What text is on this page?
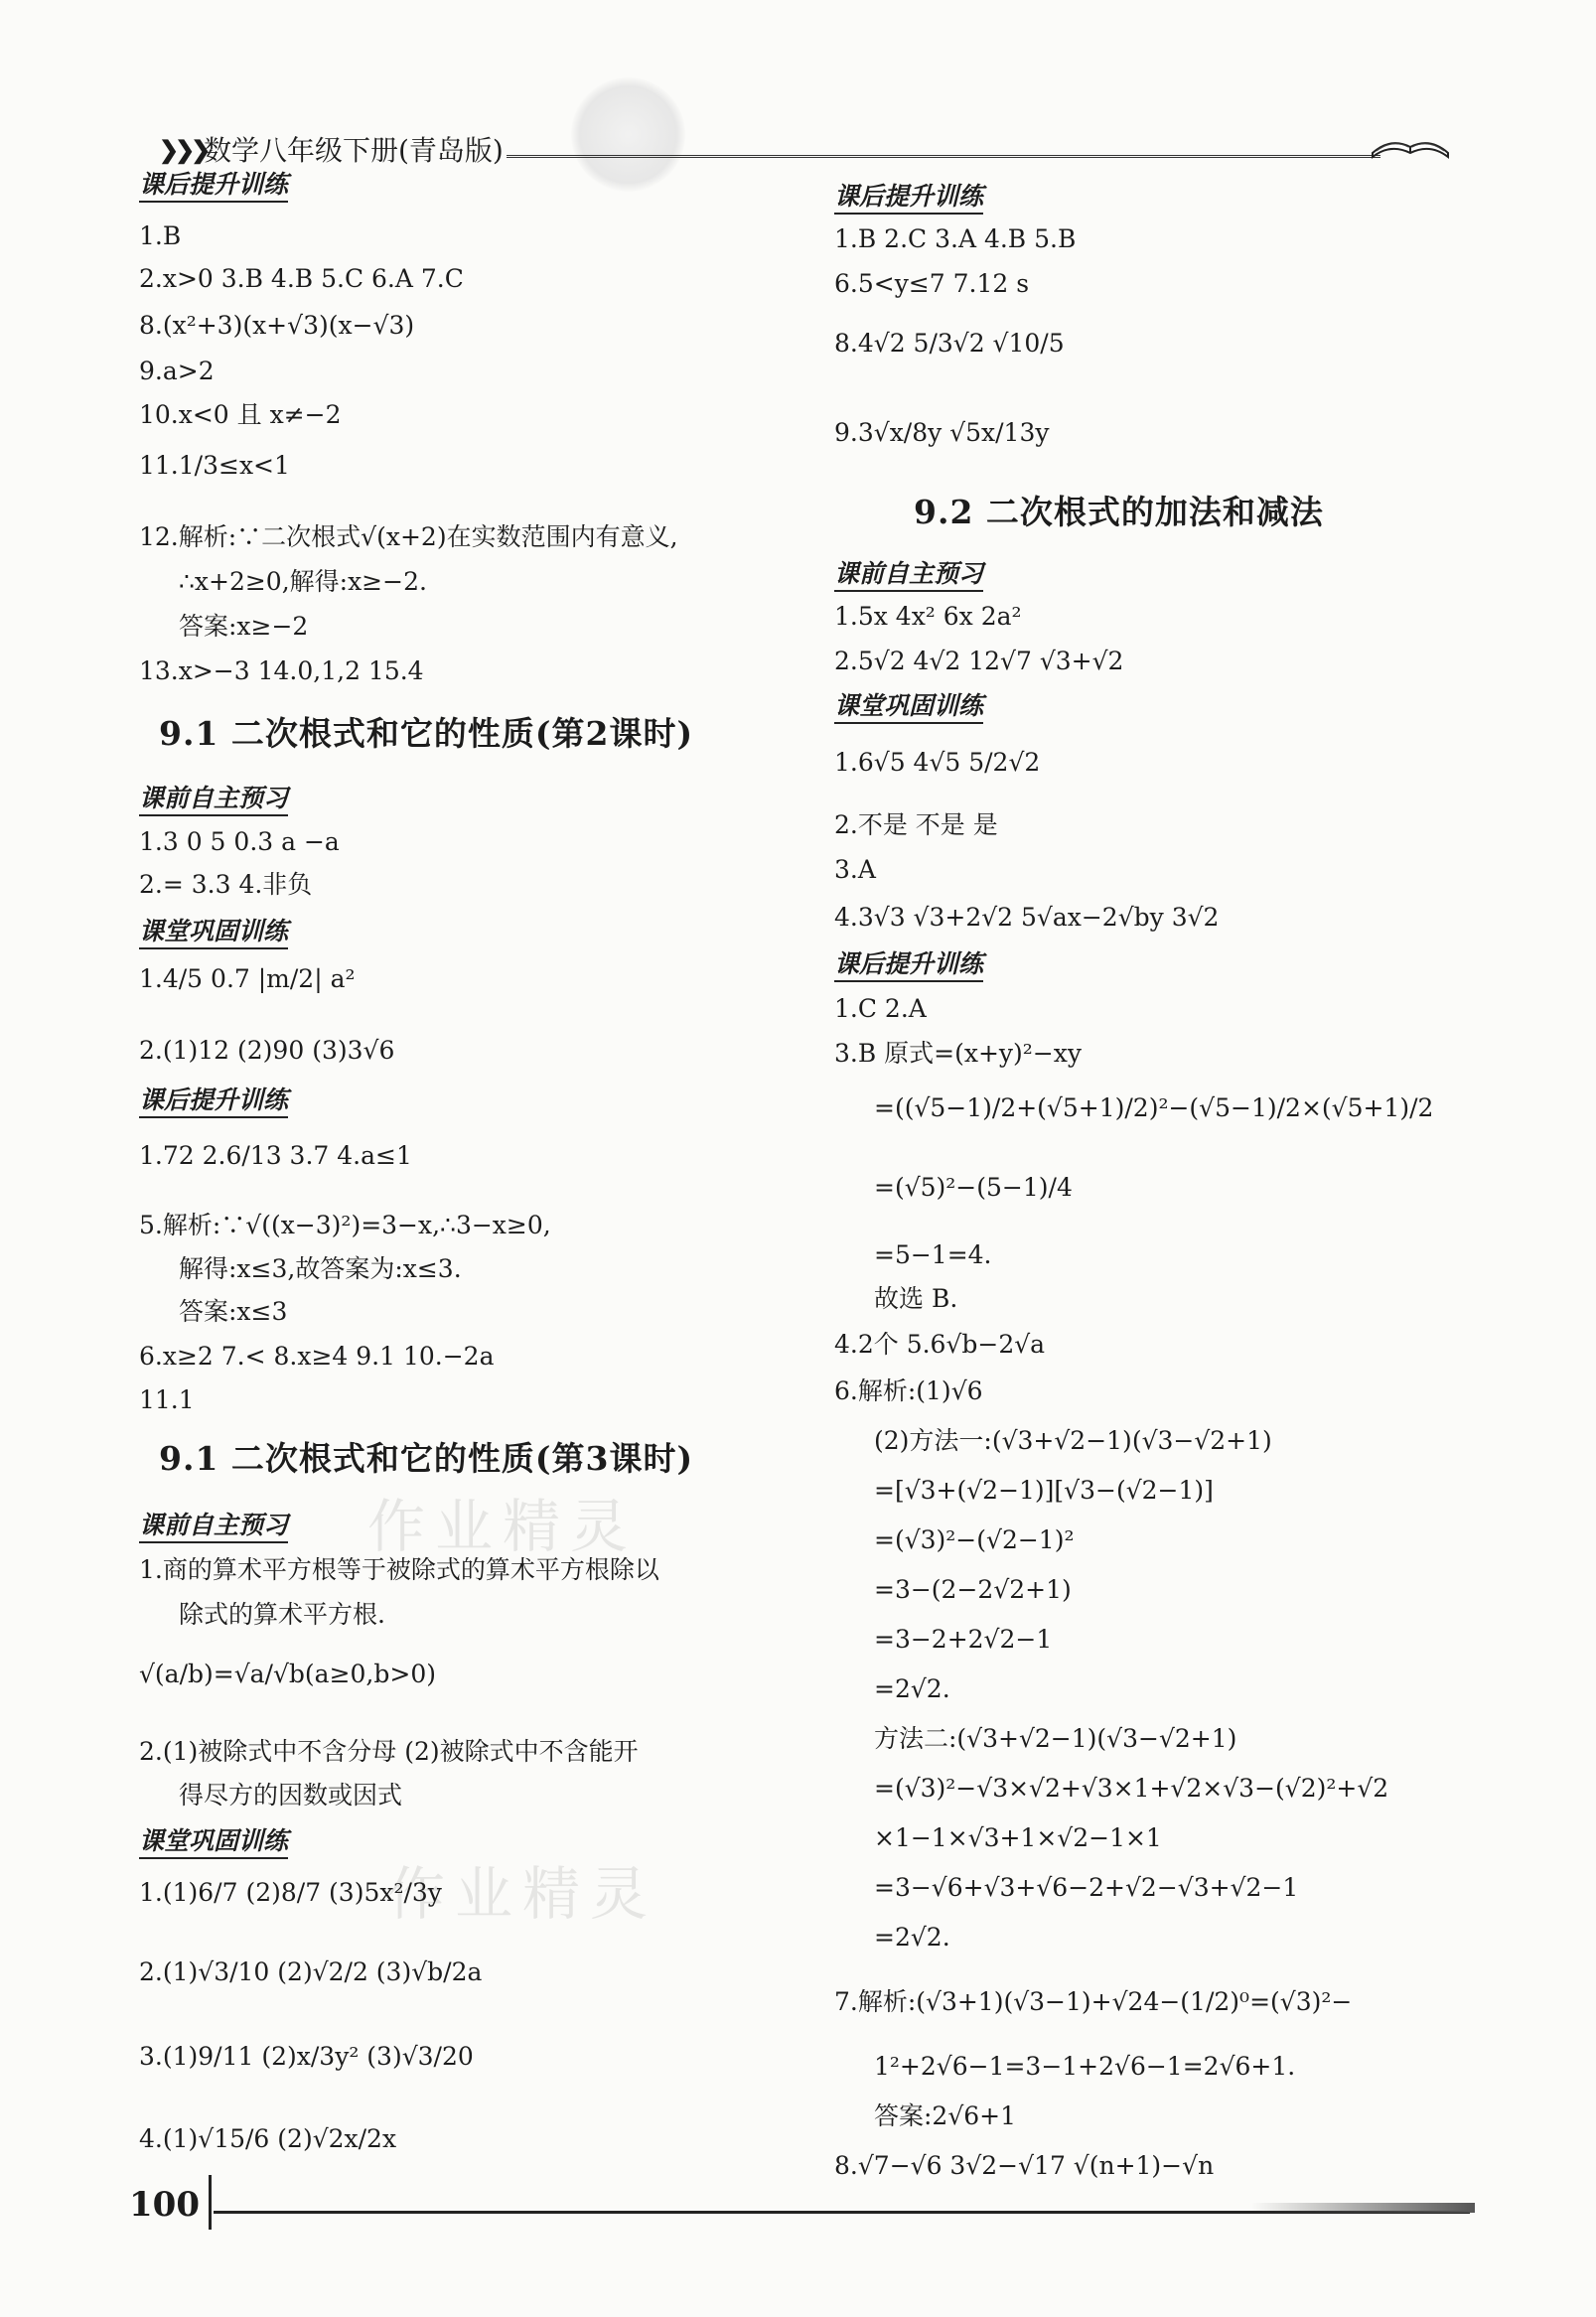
❯❯❯
数学八年级下册(青岛版)
作业精灵
作业精灵
课后提升训练
1.B
2.x>0 3.B 4.B 5.C 6.A 7.C
8.(x²+3)(x+√3)(x−√3)
9.a>2
10.x<0 且 x≠−2
11.1/3≤x<1
12.解析:∵二次根式√(x+2)在实数范围内有意义,
∴x+2≥0,解得:x≥−2.
答案:x≥−2
13.x>−3 14.0,1,2 15.4
9.1 二次根式和它的性质(第2课时)
课前自主预习
1.3 0 5 0.3 a −a
2.= 3.3 4.非负
课堂巩固训练
1.4/5 0.7 |m/2| a²
2.(1)12 (2)90 (3)3√6
课后提升训练
1.72 2.6/13 3.7 4.a≤1
5.解析:∵√((x−3)²)=3−x,∴3−x≥0,
解得:x≤3,故答案为:x≤3.
答案:x≤3
6.x≥2 7.< 8.x≥4 9.1 10.−2a
11.1
9.1 二次根式和它的性质(第3课时)
课前自主预习
1.商的算术平方根等于被除式的算术平方根除以
除式的算术平方根.
√(a/b)=√a/√b(a≥0,b>0)
2.(1)被除式中不含分母 (2)被除式中不含能开
得尽方的因数或因式
课堂巩固训练
1.(1)6/7 (2)8/7 (3)5x²/3y
2.(1)√3/10 (2)√2/2 (3)√b/2a
3.(1)9/11 (2)x/3y² (3)√3/20
4.(1)√15/6 (2)√2x/2x
课后提升训练
1.B 2.C 3.A 4.B 5.B
6.5<y≤7 7.12 s
8.4√2 5/3√2 √10/5
9.3√x/8y √5x/13y
9.2 二次根式的加法和减法
课前自主预习
1.5x 4x² 6x 2a²
2.5√2 4√2 12√7 √3+√2
课堂巩固训练
1.6√5 4√5 5/2√2
2.不是 不是 是
3.A
4.3√3 √3+2√2 5√ax−2√by 3√2
课后提升训练
1.C 2.A
3.B 原式=(x+y)²−xy
=((√5−1)/2+(√5+1)/2)²−(√5−1)/2×(√5+1)/2
=(√5)²−(5−1)/4
=5−1=4.
故选 B.
4.2个 5.6√b−2√a
6.解析:(1)√6
(2)方法一:(√3+√2−1)(√3−√2+1)
=[√3+(√2−1)][√3−(√2−1)]
=(√3)²−(√2−1)²
=3−(2−2√2+1)
=3−2+2√2−1
=2√2.
方法二:(√3+√2−1)(√3−√2+1)
=(√3)²−√3×√2+√3×1+√2×√3−(√2)²+√2
×1−1×√3+1×√2−1×1
=3−√6+√3+√6−2+√2−√3+√2−1
=2√2.
7.解析:(√3+1)(√3−1)+√24−(1/2)⁰=(√3)²−
1²+2√6−1=3−1+2√6−1=2√6+1.
答案:2√6+1
8.√7−√6 3√2−√17 √(n+1)−√n
100
